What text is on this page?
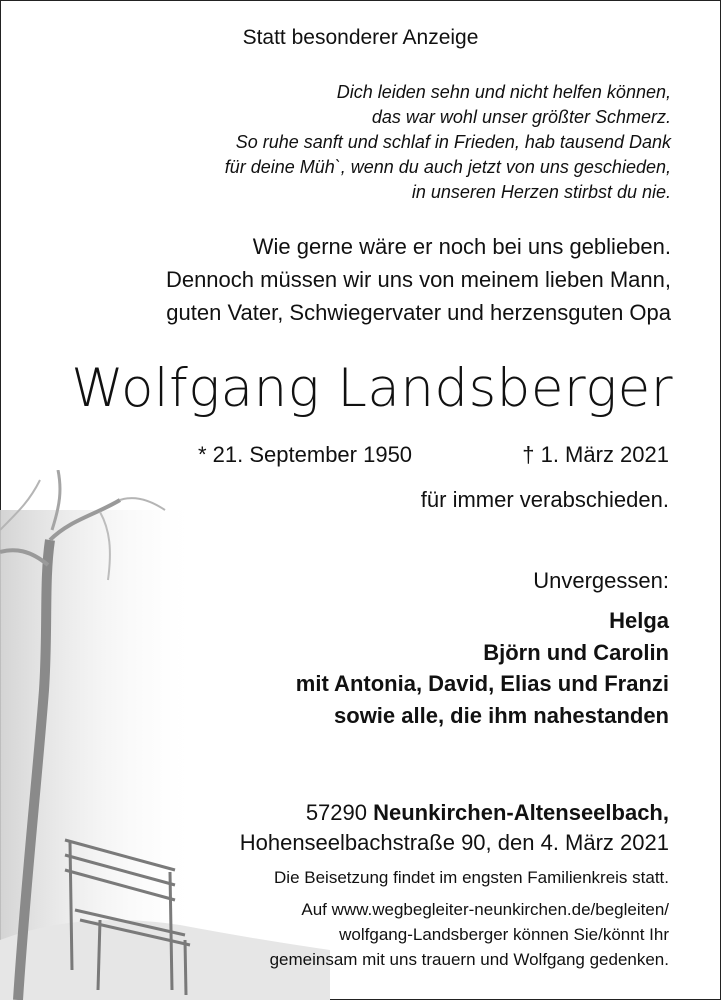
Statt besonderer Anzeige
Dich leiden sehn und nicht helfen können,
das war wohl unser größter Schmerz.
So ruhe sanft und schlaf in Frieden, hab tausend Dank
für deine Müh`, wenn du auch jetzt von uns geschieden,
in unseren Herzen stirbst du nie.
Wie gerne wäre er noch bei uns geblieben.
Dennoch müssen wir uns von meinem lieben Mann,
guten Vater, Schwiegervater und herzensguten Opa
Wolfgang Landsberger
* 21. September 1950	† 1. März 2021
für immer verabschieden.
Unvergessen:
Helga
Björn und Carolin
mit Antonia, David, Elias und Franzi
sowie alle, die ihm nahestanden
57290 Neunkirchen-Altenseelbach,
Hohenseelbachstraße 90, den 4. März 2021
Die Beisetzung findet im engsten Familienkreis statt.
Auf www.wegbegleiter-neunkirchen.de/begleiten/
wolfgang-Landsberger können Sie/könnt Ihr
gemeinsam mit uns trauern und Wolfgang gedenken.
